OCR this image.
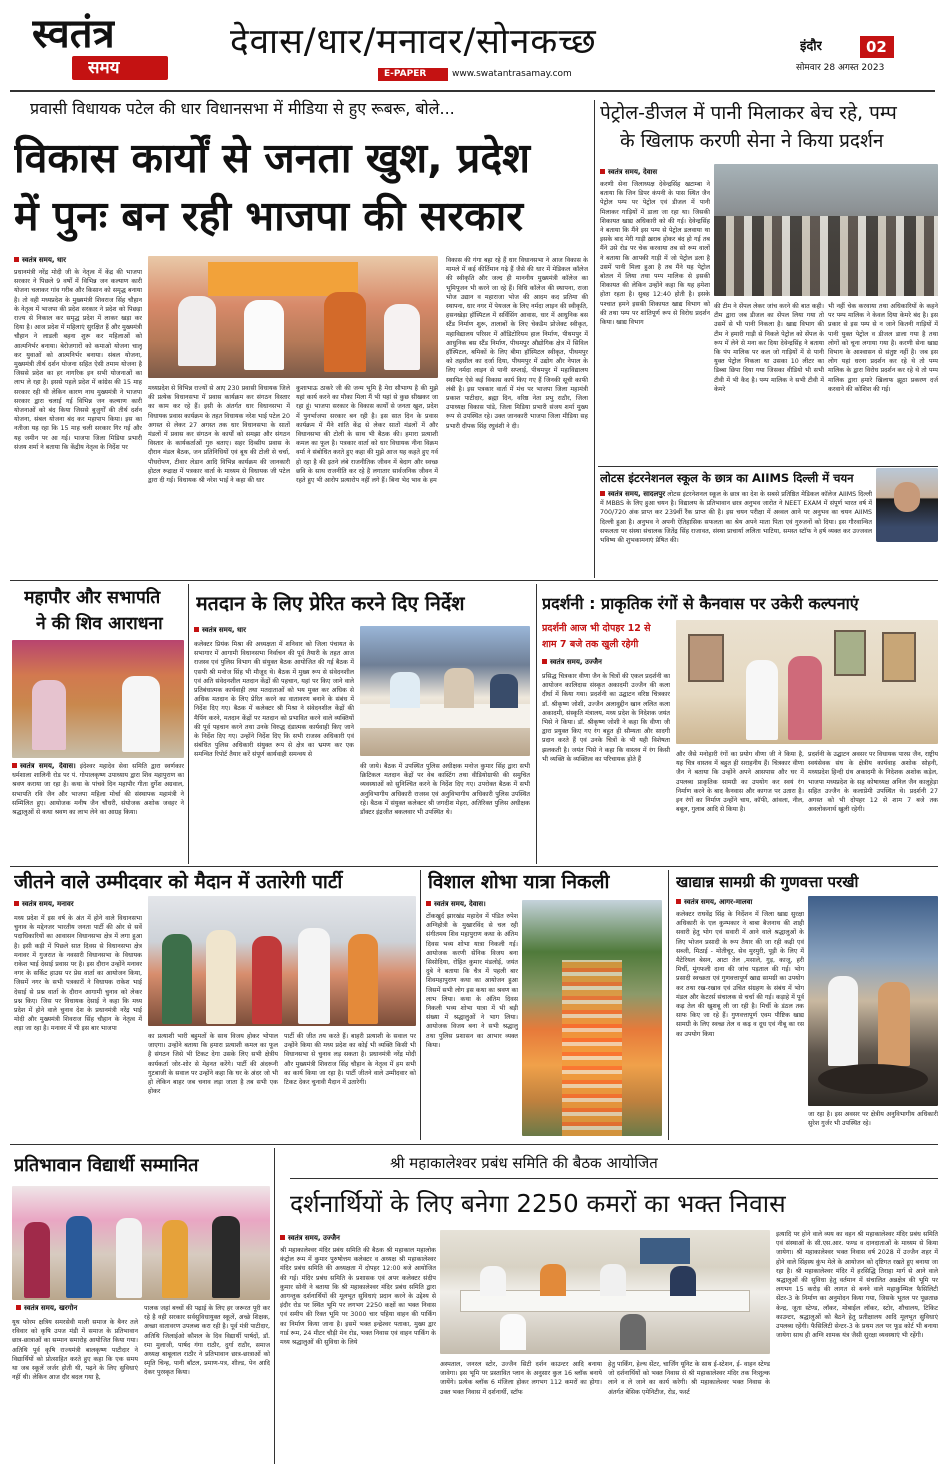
स्वतंत्र
समय
देवास/धार/मनावर/सोनकच्छ
E-PAPER	www.swatantrasamay.com
इंदौर	02
सोमवार 28 अगस्त 2023
प्रवासी विधायक पटेल की धार विधानसभा में मीडिया से हुए रूबरू, बोले...
विकास कार्यों से जनता खुश, प्रदेश
में पुनः बन रही भाजपा की सरकार
स्वतंत्र समय, धार
प्रधानमंत्री नरेंद्र मोदी जी के नेतृत्व में केंद्र की भाजपा सरकार ने पिछले 9 वर्षों में विभिन्न जन कल्याण कारी योजना चलाकर गांव गरीब और किसान को समृद्ध बनाया है। तो वही मध्यप्रदेश के मुख्यमंत्री शिवराज सिंह चौहान के नेतृत्व में भाजपा की प्रदेश सरकार ने प्रदेश को पिछड़ा राज्य से निकाल कर समृद्ध प्रदेश में लाकर खड़ा कर दिया है। आज प्रदेश में महिलाएं सुरक्षित हैं और मुख्यमंत्री चौहान ने लाडली बहना शुरू कर महिलाओं को आत्मनिर्भर बनाया। बेरोजगारों को कमाओ योजना चालू कर युवाओं को आत्मनिर्भर बनाया। संबल योजना, मुख्यमंत्री तीर्थ दर्शन योजना सहित ऐसी तमाम योजना है जिससे प्रदेश का हर नागरिक इन सभी योजनाओं का लाभ ले रहा है। इससे पहले प्रदेश में कांग्रेस की 15 माह सरकार रही थी लेकिन कारण नाथ मुख्यमंत्री ने भाजपा सरकार द्वारा चलाई गई विभिन्न जन कल्याण कारी योजनाओं को बंद किया जिससे बुजुर्गों की तीर्थ दर्शन योजना, संबल योजना बंद कर महापाप किया। इस का नतीजा यह रहा कि 15 माह चली सरकार गिर गई और यह जमीन पर आ गई। भाजपा जिला मिडिया प्रभारी संजय शर्मा ने बताया कि केंद्रीय नेतृत्व के निर्देश पर
मध्यप्रदेश से विभिन्न राज्यों से आए 230 प्रवासी विधायक जिले की प्रत्येक विधानसभा में प्रवास कार्यक्रम कर संगठन विस्तार का काम कर रहे हैं। इसी के अंतर्गत धार विधानसभा में विधायक प्रवास कार्यक्रम के तहत विधायक नरेश भाई पटेल 20 अगस्त से लेकर 27 अगस्त तक धार विधानसभा के सातों मंडलों में प्रवास कर संगठन के कार्यों को समझा और संगठन विस्तार के कार्यकर्ताओं गुरु बताए। सहर दिव्सीय प्रवास के दौरान मंडल बैठक, जन प्रतिनिधियों एवं बूथ की टोली से चर्चा, पौधरोपण, टीवार लेडान आदि विभिन्न कार्यक्रम की जानकारी होटल रूद्राक्ष में पत्रकार वार्ता के माध्यम से विधायक जी पटेल द्वारा दी गई। विधायक श्री नरेश भाई ने कहा की धार
कुशाभाऊ ठाकरे जी की जन्म भूमि है मेरा सौभाग्य है की मुझे यहां कार्य करने का मौका मिला मैं भी यहां से कुछ सीखकर जा रहा हूं। भाजपा सरकार के विकास कार्यों से जनता खुश, प्रदेश में पुनर्भाजपा सरकार बन रही है। इस सात दिन के प्रवास कार्यक्रम में मैंने शांति केंद्र से लेकर सातों मंडलों में और विधानसभा की टोली के साथ भी बैठक की। हमारा प्रत्याशी कमल का फूल है। पत्रकार वार्ता को धार विधायक नीना विक्रम वर्मा ने संबोधित करते हुए कहा की मुझे आज यह कहते हुए गर्व हो रहा है की इतने लंबे राजनीतिक जीवन में बेदाग और स्वच्छ छवि के साथ राजनीति कर रहे है लगातार सार्वजनिक जीवन में रहते हुए भी आरोप प्रत्यारोप नहीं लगे हैं। बिना भेद भाव के हम
विकास की गंगा बहा रहे हैं धार विधानसभा ने आज विकास के मामले में कई कीर्तिमान गढ़े हैं जैसे की धार में मेडिकल कॉलेज की स्वीकृति और जल्द ही माननीय मुख्यमंत्री कॉलेज का भूमिपूजन भी करने जा रहे हैं। विधि कॉलेज की स्थापना, राजा भोज उद्यान व महाराजा भोज की आदम कद प्रतिमा की स्थापना, धार नगर में पेयजल के लिए नर्मदा लाइन की स्वीकृति, हसनखेड़ा हॉस्पिटल में सर्विसिंग आवास, धार में आधुनिक बस स्टैंड निर्माण शुरू, तालाबों के लिए चेकडैम प्रोजेक्ट स्वीकृत, महाविद्यालय परिसर में ऑडिटोरियम हाल निर्माण, पीथमपुर में आधुनिक बस स्टैंड निर्माण, पीथमपुर औद्योगिक क्षेत्र में सिविल हॉस्पिटल, बमिकों के लिए बीमा हॉस्पिटल स्वीकृत, पीथमपुर को तहसील का दर्जा दिया, पीथमपुर में उद्योग और नेपाल के लिए नर्मदा लाइन से पानी सप्लाई, पीथमपुर में महाविद्यालय स्थापित ऐसे कई विकास कार्य किए गए हैं जिनकी सूची काफी लंबी है। इस पत्रकार वार्ता में मंच पर भाजपा जिला महामंत्री प्रकाश पाटीदार, ब्रह्मा दिन, वरिष्ठ नेता प्रभु राठौर, जिला उपाध्यक्ष विकास पांडे, जिला मिडिया प्रभारी संजय शर्मा मुख्य रूप से उपस्थित रहे। उक्त जानकारी भाजपा जिला मीडिया सह प्रभारी दीपक सिंह रघुवंशी ने दी।
पेट्रोल-डीजल में पानी मिलाकर बेच रहे, पम्प
के खिलाफ करणी सेना ने किया प्रदर्शन
स्वतंत्र समय, देवास
करणी सेना जिलाध्यक्ष देवेन्द्रसिंह खटाम्बा ने बताया कि जिन डिपर कंपनी के पास स्थित जैन पेट्रोल पम्प पर पेट्रोल एवं डीजल में पानी मिलाकर गाड़ियों में डाला जा रहा था। जिसकी शिकायत खाद्य अधिकारी को की गई। देवेन्द्रसिंह ने बताया कि मैंने इस पम्प से पेट्रोल डलवाया था इसके बाद मेरी गाड़ी ख़राब होकर बंद हो गई तब मैंने उसे रोड पर चेक करवाया तब सो रूम वालों ने बताया कि आपकी गाड़ी में जो पेट्रोल डला है उसमें पानी मिला हुआ है तब मैंने यह पेट्रोल बोतल में लिया तथा पम्प मालिक से इसकी शिकायत की लेकिन उन्होंने कहा कि यह हमेशा होता रहता है। सुबह 12:40 होती है। इसके पश्चात हमने इसकी शिकायत खाद्य विभाग को की तथा पम्प पर शांतिपूर्ण रूप से विरोध प्रदर्शन किया। खाद्य विभाग
की टीम ने सेंपल लेकर जांच करने की बात कही। टीम द्वारा जब डीजल का सेंपल लिया गया तो उसमें से भी पानी निकला है। खाद्य विभाग की टीम ने हमारी गाड़ी से निकले पेट्रोल को सेंपल के रूप में लेने से मना कर दिया देवेन्द्रसिंह ने बताया कि पंप मालिक पर कल जो गाड़ियों में से पानी युक्त पेट्रोल निकला था उसका 10 लीटर का डिब्बा छिपा दिया गया जिसका वीडियो भी सभी टीवी में भी कैद है। पम्प मालिक ने सभी टीवी में केमरे
भी नहीं चेक करवाया तथा अधिकारियों के कहने पर पम्प मालिक ने केवल दिया केमरे बंद है। इस प्रकार से इस पम्प से न जाने कितनी गाड़ियों में पानी युक्त पेट्रोल व डीजल डाला गया है तथा लोगों को चूना लगाया गया है। करणी सेना खाद्य विभाग के आश्वासन से संतुष्ट नहीं है। जब इस लोग यहां धरना प्रदर्शन कर रहे थे तो पम्प मालिक के द्वारा विरोध प्रदर्शन कर रहे थे तो पम्प मालिक द्वारा हमारे खिलाफ झूठा प्रकरण दर्ज करवाने की कोशिश की गई।
लोटस इंटरनेशनल स्कूल के छात्र का AIIMS दिल्ली में चयन
स्वतंत्र समय, सादलपुर लोटस इंटरनेशनल स्कूल के छात्र का देश के सबसे प्रतिष्ठित मेडिकल कॉलेज AIIMS दिल्ली में MBBS के लिए हुआ चयन है। विद्यालय के प्रतिभावान छात्र अनुभव जारोत ने NEET EXAM में संपूर्ण भारत वर्ष में 700/720 अंक प्राप्त कर 239वीं रैंक प्राप्त की है। इस चयन परीक्षा में अव्वल आने पर अनुभव का चयन AIIMS दिल्ली हुआ है। अनुभव ने अपनी ऐतिहासिक सफलता का श्रेय अपने माता पिता एवं गुरुजनों को दिया। इस गौरवान्वित सफलता पर संस्था संचालक जितेंद्र सिंह राजावत, संस्था प्राचार्या ललिता भाटिया, समस्त स्टॉफ ने हर्ष व्यक्त कर उज्जवल भविष्य की शुभकामनाएं प्रेषित की।
महापौर और सभापति
ने की शिव आराधना
स्वतंत्र समय, देवास। इंदेश्वर महादेव सेवा समिति द्वारा स्वर्णकार धर्मशाला शालिनी रोड पर पं. गोपालकृष्ण उपाध्याय द्वारा शिव महापुराण का श्रवण कराया जा रहा है। कथा के पांचवे दिन महापौर गीता दुर्गेश अग्रवाल, सभापति रवि जैन और भाजपा महिला मोर्चा की संस्थापक महामंत्री ने सम्मिलित हुए। आयोजक मनीष जैन चौधरी, संयोजक अशोक जवहर ने श्रद्धालुओं से कथा श्रवण का लाभ लेने का आग्रह किया।
मतदान के लिए प्रेरित करने दिए निर्देश
स्वतंत्र समय, धार
कलेक्टर प्रियंक मिश्रा की अध्यक्षता में शनिवार को जिला पंचायत के सभागार में आगामी विधानसभा निर्वाचन की पूर्व तैयारी के तहत आज राजस्व एवं पुलिस विभाग की संयुक्त बैठक आयोजित की गई बैठक में एसपी श्री मनोज सिंह भी मौजूद थे। बैठक में मुख्य रूप से संवेदनशील एवं अति संवेदनशील मतदान केंद्रों की पहचान, यहां पर किए जाने वाले प्रतिबंधात्मक कार्यवाही तथा मतदाताओं को भय मुक्त कर अधिक से अधिक मतदान के लिए प्रेरित करने का वातावरण बनाने के संबंध में निर्देश दिए गए। बैठक में कलेक्टर श्री मिश्रा ने संवेदनशील केंद्रों की मैपिंग करने, मतदान केंद्रों पर मतदान को प्रभावित करने वाले व्यक्तियों की पूर्व पहचान करने तथा उनके विरुद्ध दंडात्मक कार्यवाही किए जाने के निर्देश दिए गए। उन्होंने निर्देश दिए कि सभी राजस्व अधिकारी एवं संबंधित पुलिस अधिकारी संयुक्त रूप से क्षेत्र का भ्रमण कर एक समन्वित रिपोर्ट तैयार करें संपूर्ण कार्यवाही समन्वय से
की जाये। बैठक में उपस्थित पुलिस अधीक्षक मनोज कुमार सिंह द्वारा सभी क्रिटिकल मतदान केंद्रों पर वेब कास्टिंग तथा वीडियोग्राफी की समुचित व्यवस्थाओं को सुनिश्चित करने के निर्देश दिए गए। उपरोक्त बैठक में सभी अनुविभागीय अधिकारी राजस्व एवं अनुविभागीय अधिकारी पुलिस उपस्थित रहे। बैठक में संयुक्त कलेक्टर श्री जगदीश मेहरा, अतिरिक्त पुलिस अधीक्षक डॉक्टर इंद्रजीत बकलवार भी उपस्थित थे।
प्रदर्शनी : प्राकृतिक रंगों से कैनवास पर उकेरी कल्पनाएं
प्रदर्शनी आज भी दोपहर 12 से
शाम 7 बजे तक खुली रहेगी
स्वतंत्र समय, उज्जैन
प्रसिद्ध चित्रकार वीणा जैन के चित्रों की एकल प्रदर्शनी का आयोजन कालिदास संस्कृत अकादमी उज्जैन की कला दीर्घा में किया गया। प्रदर्शनी का उद्घाटन वरिष्ठ चित्रकार डॉ. श्रीकृष्ण जोशी, उज्जैन अलावुद्दीन खान ललित कला अकादमी, संस्कृति मंत्रालय, मध्य प्रदेश के निदेशक जयंत भिसे ने किया। डॉ. श्रीकृष्ण जोशी ने कहा कि वीणा जी द्वारा प्रयुक्त किए गए रंग बहुत ही सौम्यता और सादगी प्रदान करते हैं एवं उनके चित्रों के भी यही विशेषता झलकती है। जयंत भिसे ने कहा कि वास्तव में रंग किसी भी व्यक्ति के व्यक्तित्व का परिचायक होते हैं
और जैसे मनोहारी रंगों का प्रयोग वीणा जी ने किया है, यह चित्र वास्तव में बहुत ही सराहनीय हैं। चित्रकार वीणा जैन ने बताया कि उन्होंने अपने आसपास और घर में उपलब्ध प्राकृतिक सामग्री का उपयोग कर स्वयं रंग निर्माण करने के बाद कैनवास और कागज पर उतारा है। इन रंगों का निर्माण उन्होंने चाय, कॉफी, आंवला, नील, बबूल, गुलाब आदि से किया है।
प्रदर्शनी के उद्घाटन अवसर पर विधायक पारस जैन, राष्ट्रीय स्वयंसेवक संघ के क्षेत्रीय कार्यवाह अशोक सोहनी, मध्यप्रदेश हिन्दी ग्रंथ अकादमी के निदेशक अशोक कड़ेल, भाजपा मध्यप्रदेश के सह कोषाध्यक्ष अनिल जैन कालूहेड़ा सहित उज्जैन के कलाप्रेमी उपस्थित थे। प्रदर्शनी 27 अगस्त को भी दोपहर 12 से शाम 7 बजे तक अवलोकनार्थ खुली रहेगी।
जीतने वाले उम्मीदवार को मैदान में उतारेगी पार्टी
स्वतंत्र समय, मनावर
मध्य प्रदेश में इस वर्ष के अंत में होने वाले विधानसभा चुनाव के मद्देनजर भारतीय जनता पार्टी की ओर से सर्वे पदाधिकारियों का आवासन विधानसभा क्षेत्र में लगा हुआ है। इसी कड़ी में पिछले सात दिवस से विधानसभा क्षेत्र मनावर में गुजरात के नवसारी विधानसभा के विधायक राकेश भाई देसाई प्रवास पर है। इस दौरान उन्होंने मनावर नगर के सर्किट हाउस पर प्रेस वार्ता का आयोजन किया, जिसमें नगर के सभी पत्रकारों ने विधायक राकेश भाई देसाई से प्रश्न वार्ता के दौरान आगामी चुनाव को लेकर प्रश्न किए। जिस पर विधायक देसाई ने कहा कि मध्य प्रदेश में होने वाले चुनाव देश के प्रधानमंत्री नरेंद्र भाई मोदी और मुख्यमंत्री शिवराज सिंह चौहान के नेतृत्व में लड़ा जा रहा है। मनावर में भी इस बार भाजपा
का प्रत्याशी भारी बहुमतों के साथ विजय होकर भोपाल जाएगा। उन्होंने बताया कि हमारा प्रत्याशी कमल का फूल है संगठन जिसे भी टिकट देगा उसके लिए सभी क्षेत्रीय कार्यकर्ता जोर-शोर से मेहनत करेंगे। पार्टी की अंदरूनी गुटबाजी के सवाल पर उन्होंने कहा कि घर के अंदर जो भी हो लेकिन बाहर जब चनाव लड़ा जाता है तब सभी एक होकर
पार्टी की जीत तय करते हैं। बाहरी प्रत्याशी के सवाल पर उन्होंने किया की मध्य प्रदेश का कोई भी व्यक्ति किसी भी विधानसभा से चुनाव लड़ सकता है। प्रधानमंत्री नरेंद्र मोदी और मुख्यमंत्री शिवराज सिंह चौहान के नेतृत्व में हम सभी का कार्य किया जा रहा है। पार्टी जीतने वाले उम्मीदवार को टिकट देकर चुनावी मैदान में उतारेगी।
विशाल शोभा यात्रा निकली
स्वतंत्र समय, देवास।
टोंकखुर्द झारखंड महादेव में पंडित रुपेश अग्निहोत्री के मुखारविंद से चल रही संगीतमय शिव महापुराण कथा के अंतिम दिवस भव्य शोभा यात्रा निकली गई। आयोजक करणी सेनिक विजय बना सिसोदिया, रोहित कुमार मंडलोई, जयंत दुबे ने बताया कि चैत्र में पहली बार शिवमहापुराण कथा का आयोजन हुआ जिसमें सभी लोग इस कथा का श्रवण का लाभ लिया। कथा के अंतिम दिवस निकली भव्य शोभा यात्रा में भी बड़ी संख्या में श्रद्धालुओं ने भाग लिया। आयोजक विजय बना ने सभी श्रद्धालु तथा पुलिस प्रशासन का आभार व्यक्त किया।
खाद्यान्न सामग्री की गुणवत्ता परखी
स्वतंत्र समय, आगर-मालवा
कलेक्टर राघवेंद्र सिंह के निर्देशन में जिला खाद्य सुरक्षा अधिकारी के एल कुम्भकार ने बाबा बैजनाथ की शाही सवारी हेतु भोग एवं सवारी में आने वाले श्रद्धालुओं के लिए भोजन प्रसादी के रूप तैयार की जा रही कढ़ी एवं सब्जी, मिठाई - मोतीचूर, सेव मुरमुरी, पूड़ी के लिए में मैटेरियल बेसन, आटा तेल ,मसाले, गुड़, काजू, हरी मिर्ची, मूंगफली दाना की जांच पड़ताल की गई। भोग प्रसादी स्वच्छता एवं गुणवत्तापूर्ण खाद्य सामग्री का उपयोग कर तथा रख-रखाव एवं उचित संग्रहण के संबंध में भोग मंडल और केटरर्स संचालक से चर्चा की गई। कड़ाहे में पूर्व कढ़ तेल की खुशबू ली जा रही है। मिर्ची के डंठल तक साफ किए जा रहे हैं। गुणवत्तापूर्ण एवम पौष्टिक खाद्य सामग्री के लिए स्वच्छ तेल व कढ़ व दूध एवं नीबू का रस का उपयोग किया
जा रहा है। इस अवसर पर क्षेत्रीय अनुविभागीय अधिकारी सुरेश गुर्जर भी उपस्थित रहे।
प्रतिभावान विद्यार्थी सम्मानित
स्वतंत्र समय, खरगोन
यूथ फोरम क्षत्रिय समरसेवी माली समाज के बैनर तले रविवार को कृषि उपज मंडी में समाज के प्रतिभावान छात्र-छात्राओं का सम्मान समारोह आयोजित किया गया। अतिथि पूर्व कृषि राज्यमंत्री बालकृष्ण पाटीदार ने विद्यार्थियों को प्रोत्साहित करते हुए कहा कि एक समय था जब स्कूलें जर्जर होती थी, पढ़ने के लिए सुविधाएं नहीं थी। लेकिन आज दौर बदल गया है,
पालक जहां बच्चों की पढ़ाई के लिए हर जरूरत पूरी कर रहे है वही सरकार सर्वसुविधायुक्त स्कूलें, अच्छे शिक्षक, अच्छा वातावरण उपलब्ध करा रही है। पूर्व मंत्री पाटीदार, अतिथि जिलाईओ कौशल के दिव विद्यार्थी पार्षदों, डॉ. रमा मुलाजी, पार्षद गंगा राठौर, दुर्गा राठौर, समाज अध्यक्ष बाबूलाल राठौर ने प्रतिभावान छात्र-छात्राओं को स्मृति चिन्ह, पानी बॉटल, प्रमाण-पत्र, शील्ड, पेन आदि देकर पुरस्कृत किया।
श्री महाकालेश्वर प्रबंध समिति की बैठक आयोजित
दर्शनार्थियों के लिए बनेगा 2250 कमरों का भक्त निवास
स्वतंत्र समय, उज्जैन
श्री महाकालेश्वर मंदिर प्रबंध समिति की बैठक श्री महाकाल महालोक कंट्रोल रूम में कुमार पुरुषोत्तम कलेक्टर व अध्यक्ष श्री महाकालेश्वर मंदिर प्रबंध समिति की अध्यक्षता में दोपहर 12:00 बजे आयोजित की गई। मंदिर प्रबंध समिति के प्रशासक एवं अपर कलेक्टर संदीप कुमार सोनी ने बताया कि श्री महाकालेश्वर मंदिर प्रबंध समिति द्वारा आगन्तुक दर्शनार्थियों की मूलभूत सुविधाएं प्रदान करने के उद्देश्य से इंदौर रोड पर स्थित भूमि पर लगभग 2250 कक्षों का भक्त निवास एवं समीप की रिक्त भूमि पर 3000 चार पहिया वाहन की पार्किंग का निर्माण किया जाना है। इसमें भक्त इन्द्रेश्वर पताका, मुख्य द्वार गार्ड रूम, 24 मीटर चौड़ी मेन रोड, भक्त निवास एवं वाहन पार्किंग के मध्य श्रद्धालुओं की सुविधा के लिये
अस्पताल, जनरल स्टोर, उज्जैन सिटी दर्शन काउन्टर आदि बनाया जावेगा। इस भूमि पर प्रस्तावित प्लान के अनुसार कुल 16 ब्लॉक बनाये जायेंगे। प्रत्येक ब्लॉक 6 मंजिला होकर लगभग 112 कमरों का होगा। उक्त भक्त निवास में दर्शनार्थी, स्टॉफ
हेतु पार्किंग, हेल्थ सेंटर, चार्जिंग यूनिट के साथ ई-स्टेशन, ई- वाहन स्टेण्ड जो दर्शनार्थियों को भक्त निवास से श्री महाकालेश्वर मंदिर तक निःशुल्क लाने व ले जाने का कार्य करेगी। श्री महाकालेश्वर भक्त निवास के अंतर्गत बेसिक एमेनिटीज, रोड, फर्स्ट
इत्यादि पर होने वाले व्यय का वहन श्री महाकालेश्वर मंदिर प्रबंध समिति एवं संस्थाओं के सी.एस.आर. फण्ड व दानदाताओं के माध्यम से किया जायेगा। श्री महाकालेश्वर भक्त निवास वर्ष 2028 में उज्जैन शहर में होने वाले सिंहस्थ कुंभ मेले के आयोजन को दृष्टिगत रखते हुए बनाया जा रहा है। श्री महाकालेश्वर मंदिर में हरसिद्धि तिराहा मार्ग से आने वाले श्रद्धालुओं की सुविधा हेतु वर्तमान में संचालित अन्नक्षेत्र की भूमि पर लगभग 15 करोड़ की लागत से बनने वाले महाकुम्भिल फैसिलिटी सेंटर-3 के निर्माण का अनुमोदन किया गया, जिसके भूतल पर पूछताछ केन्द्र, जूता स्टेण्ड, लॉकर, मोबाईल लॉकर, स्टोर, शौचालय, टिकिट काउन्टर, श्रद्धालुओं को बैठने हेतु प्रतीक्षालय आदि मूलभूत सुविधाएं उपलब्ध रहेंगी। फैसिलिटी सेन्टर-3 के प्रथम तल पर फूड कोर्ट भी बनाया जायेगा साथ ही अग्नि शामक यंत्र जैसी सुरक्षा व्यवस्थाएं भी रहेंगी।
